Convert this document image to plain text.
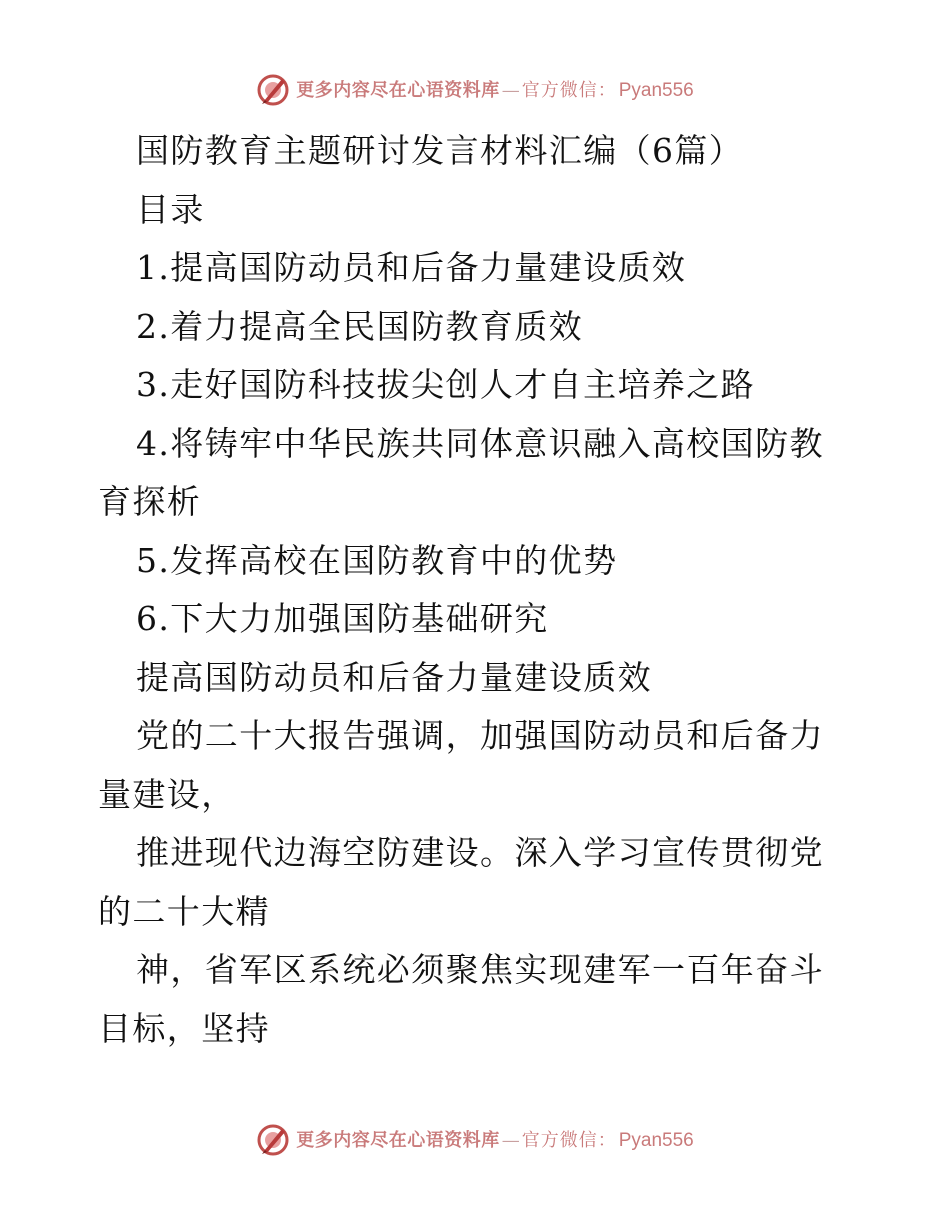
更多内容尽在心语资料库 — 官方微信： Pyan556

国防教育主题研讨发言材料汇编（6篇）

目录

1.提高国防动员和后备力量建设质效

2.着力提高全民国防教育质效

3.走好国防科技拔尖创人才自主培养之路

4.将铸牢中华民族共同体意识融入高校国防教育探析

5.发挥高校在国防教育中的优势

6.下大力加强国防基础研究

提高国防动员和后备力量建设质效

党的二十大报告强调，加强国防动员和后备力量建设，

推进现代边海空防建设。深入学习宣传贯彻党的二十大精

神，省军区系统必须聚焦实现建军一百年奋斗目标，坚持

更多内容尽在心语资料库 — 官方微信： Pyan556
